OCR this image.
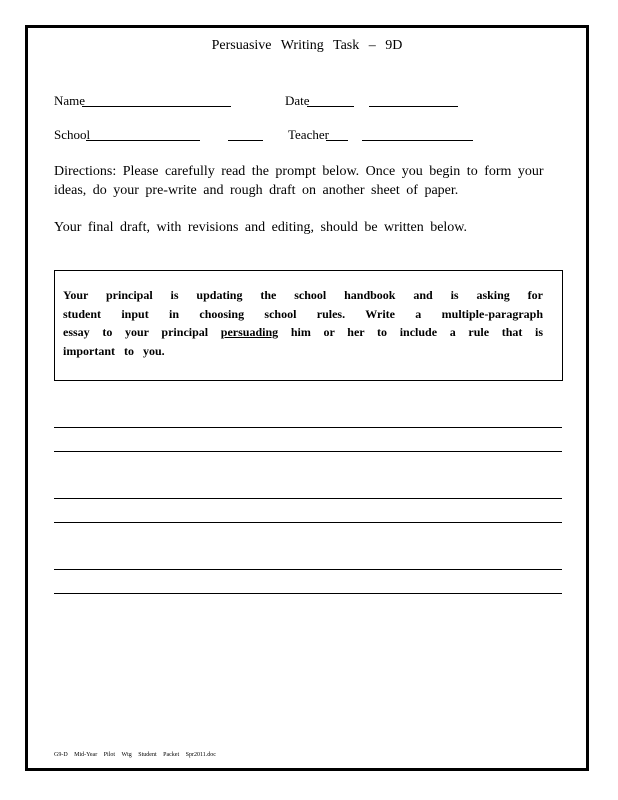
Persuasive Writing Task – 9D
Name	Date
School	Teacher
Directions: Please carefully read the prompt below. Once you begin to form your ideas, do your pre-write and rough draft on another sheet of paper.
Your final draft, with revisions and editing, should be written below.
Your principal is updating the school handbook and is asking for
student input in choosing school rules. Write a multiple-paragraph
essay to your principal persuading him or her to include a rule that is
important to you.
G9-D Mid-Year Pilot Wtg Student Packet Spr2011.doc
